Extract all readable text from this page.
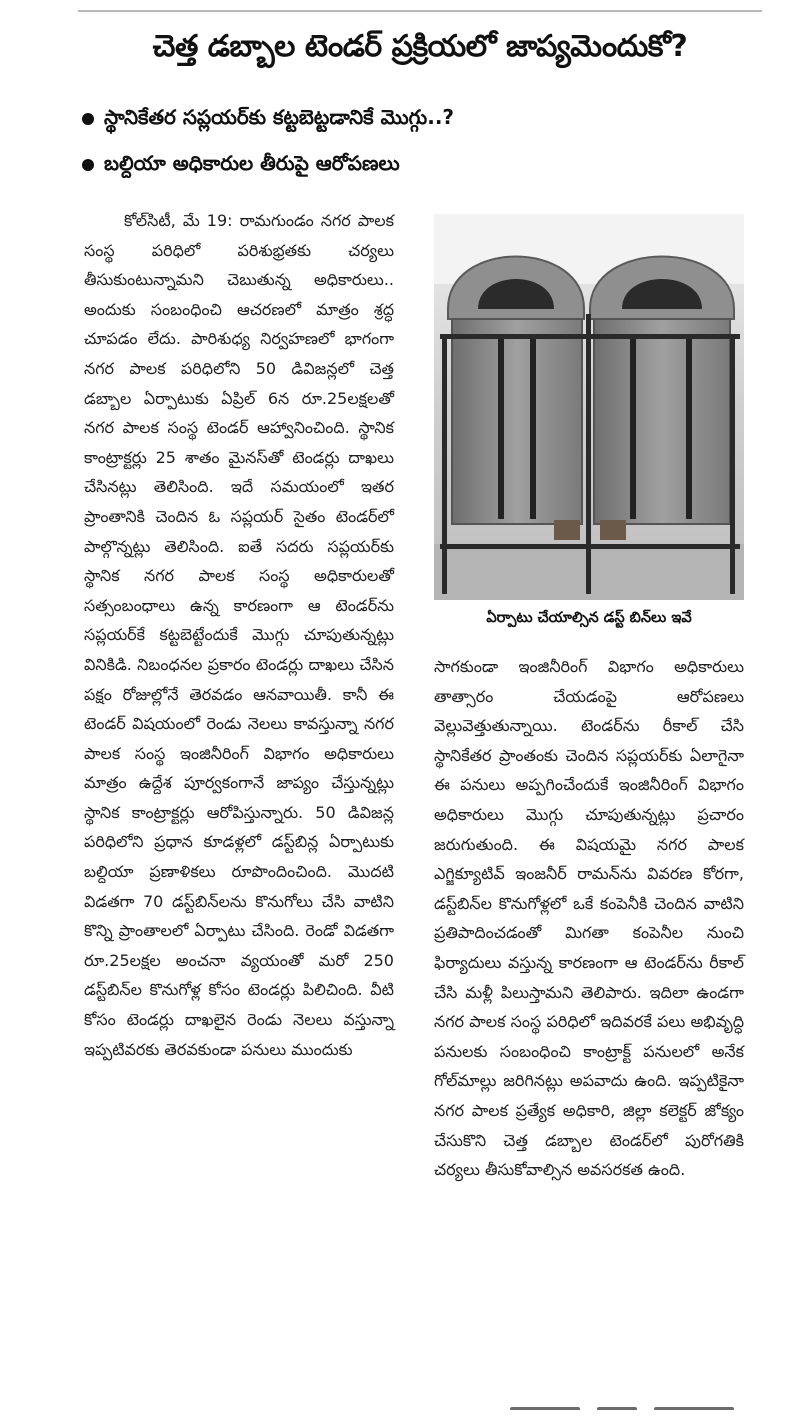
చెత్త డబ్బాల టెండర్ ప్రక్రియలో జాప్యమెందుకో?
స్థానికేతర సప్లయర్‌కు కట్టబెట్టడానికే మొగ్గు..?
బల్దియా అధికారుల తీరుపై ఆరోపణలు

కోల్‌సిటీ, మే 19: రామగుండం నగర పాలక సంస్థ పరిధిలో పరిశుభ్రతకు చర్యలు తీసుకుంటున్నామని చెబుతున్న అధికారులు.. అందుకు సంబంధించి ఆచరణలో మాత్రం శ్రద్ధ చూపడం లేదు. పారిశుధ్య నిర్వహణలో భాగంగా నగర పాలక పరిధిలోని 50 డివిజన్లలో చెత్త డబ్బాల ఏర్పాటుకు ఏప్రిల్ 6న రూ.25లక్షలతో నగర పాలక సంస్థ టెండర్ ఆహ్వానించింది. స్థానిక కాంట్రాక్టర్లు 25 శాతం మైనస్‌తో టెండర్లు దాఖలు చేసినట్లు తెలిసింది. ఇదే సమయంలో ఇతర ప్రాంతానికి చెందిన ఓ సప్లయర్ సైతం టెండర్‌లో పాల్గొన్నట్లు తెలిసింది. ఐతే సదరు సప్లయర్‌కు స్థానిక నగర పాలక సంస్థ అధికారులతో సత్సంబంధాలు ఉన్న కారణంగా ఆ టెండర్‌ను సప్లయర్‌కే కట్టబెట్టేందుకే మొగ్గు చూపుతున్నట్లు వినికిడి. నిబంధనల ప్రకారం టెండర్లు దాఖలు చేసిన పక్షం రోజుల్లోనే తెరవడం ఆనవాయితీ. కానీ ఈ టెండర్ విషయంలో రెండు నెలలు కావస్తున్నా నగర పాలక సంస్థ ఇంజినీరింగ్ విభాగం అధికారులు మాత్రం ఉద్దేశ పూర్వకంగానే జాప్యం చేస్తున్నట్లు స్థానిక కాంట్రాక్టర్లు ఆరోపిస్తున్నారు. 50 డివిజన్ల పరిధిలోని ప్రధాన కూడళ్లలో డస్ట్‌బిన్ల ఏర్పాటుకు బల్దియా ప్రణాళికలు రూపొందించింది. మొదటి విడతగా 70 డస్ట్‌బిన్‌లను కొనుగోలు చేసి వాటిని కొన్ని ప్రాంతాలలో ఏర్పాటు చేసింది. రెండో విడతగా రూ.25లక్షల అంచనా వ్యయంతో మరో 250 డస్ట్‌బిన్‌ల కొనుగోళ్ల కోసం టెండర్లు పిలిచింది. వీటి కోసం టెండర్లు దాఖలైన రెండు నెలలు వస్తున్నా ఇప్పటివరకు తెరవకుండా పనులు ముందుకు

ఏర్పాటు చేయాల్సిన డస్ట్ బిన్‌లు ఇవే

సాగకుండా ఇంజినీరింగ్ విభాగం అధికారులు తాత్సారం చేయడంపై ఆరోపణలు వెల్లువెత్తుతున్నాయి. టెండర్‌ను రీకాల్ చేసి స్థానికేతర ప్రాంతంకు చెందిన సప్లయర్‌కు ఏలాగైనా ఈ పనులు అప్పగించేందుకే ఇంజినీరింగ్ విభాగం అధికారులు మొగ్గు చూపుతున్నట్లు ప్రచారం జరుగుతుంది. ఈ విషయమై నగర పాలక ఎగ్జిక్యూటివ్ ఇంజనీర్ రామన్‌ను వివరణ కోరగా, డస్ట్‌బిన్‌ల కొనుగోళ్లలో ఒకే కంపెనీకి చెందిన వాటిని ప్రతిపాదించడంతో మిగతా కంపెనీల నుంచి ఫిర్యాదులు వస్తున్న కారణంగా ఆ టెండర్‌ను రీకాల్ చేసి మళ్లీ పిలుస్తామని తెలిపారు. ఇదిలా ఉండగా నగర పాలక సంస్థ పరిధిలో ఇదివరకే పలు అభివృద్ధి పనులకు సంబంధించి కాంట్రాక్ట్ పనులలో అనేక గోల్‌మాల్లు జరిగినట్లు అపవాదు ఉంది. ఇప్పటికైనా నగర పాలక ప్రత్యేక అధికారి, జిల్లా కలెక్టర్ జోక్యం చేసుకొని చెత్త డబ్బాల టెండర్‌లో పురోగతికి చర్యలు తీసుకోవాల్సిన అవసరకత ఉంది.
